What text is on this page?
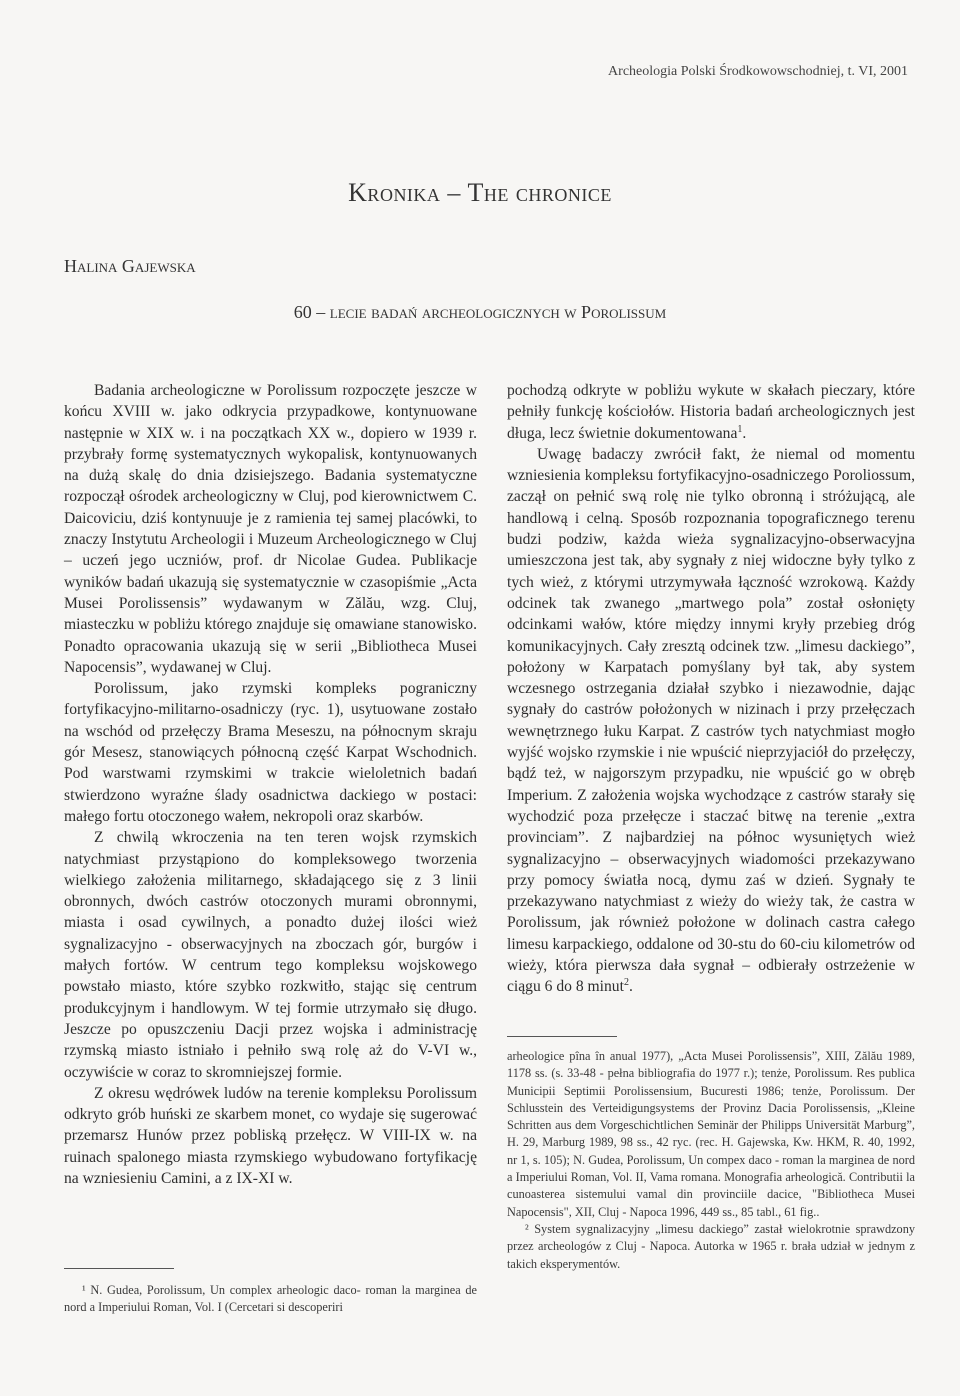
Archeologia Polski Środkowowschodniej, t. VI, 2001
Kronika – The chronice
Halina Gajewska
60 – lecie badań archeologicznych w Porolissum

Badania archeologiczne w Porolissum rozpoczęte jeszcze w końcu XVIII w. jako odkrycia przypadkowe, kontynuowane następnie w XIX w. i na początkach XX w., dopiero w 1939 r. przybrały formę systematycznych wykopalisk, kontynuowanych na dużą skalę do dnia dzisiejszego. Badania systematyczne rozpoczął ośrodek archeologiczny w Cluj, pod kierownictwem C. Daicoviciu, dziś kontynuuje je z ramienia tej samej placówki, to znaczy Instytutu Archeologii i Muzeum Archeologicznego w Cluj – uczeń jego uczniów, prof. dr Nicolae Gudea. Publikacje wyników badań ukazują się systematycznie w czasopiśmie „Acta Musei Porolissensis” wydawanym w Zălău, wzg. Cluj, miasteczku w pobliżu którego znajduje się omawiane stanowisko. Ponadto opracowania ukazują się w serii „Bibliotheca Musei Napocensis”, wydawanej w Cluj.

Porolissum, jako rzymski kompleks pograniczny fortyfikacyjno-militarno-osadniczy (ryc. 1), usytuowane zostało na wschód od przełęczy Brama Meseszu, na północnym skraju gór Mesesz, stanowiących północną część Karpat Wschodnich. Pod warstwami rzymskimi w trakcie wieloletnich badań stwierdzono wyraźne ślady osadnictwa dackiego w postaci: małego fortu otoczonego wałem, nekropoli oraz skarbów.

Z chwilą wkroczenia na ten teren wojsk rzymskich natychmiast przystąpiono do kompleksowego tworzenia wielkiego założenia militarnego, składającego się z 3 linii obronnych, dwóch castrów otoczonych murami obronnymi, miasta i osad cywilnych, a ponadto dużej ilości wież sygnalizacyjno - obserwacyjnych na zboczach gór, burgów i małych fortów. W centrum tego kompleksu wojskowego powstało miasto, które szybko rozkwitło, stając się centrum produkcyjnym i handlowym. W tej formie utrzymało się długo. Jeszcze po opuszczeniu Dacji przez wojska i administrację rzymską miasto istniało i pełniło swą rolę aż do V-VI w., oczywiście w coraz to skromniejszej formie.

Z okresu wędrówek ludów na terenie kompleksu Porolissum odkryto grób huński ze skarbem monet, co wydaje się sugerować przemarsz Hunów przez pobliską przełęcz. W VIII-IX w. na ruinach spalonego miasta rzymskiego wybudowano fortyfikację na wzniesieniu Camini, a z IX-XI w.

pochodzą odkryte w pobliżu wykute w skałach pieczary, które pełniły funkcję kościołów. Historia badań archeologicznych jest długa, lecz świetnie dokumentowana$^1$.

Uwagę badaczy zwrócił fakt, że niemal od momentu wzniesienia kompleksu fortyfikacyjno-osadniczego Poroliossum, zaczął on pełnić swą rolę nie tylko obronną i stróżującą, ale handlową i celną. Sposób rozpoznania topograficznego terenu budzi podziw, każda wieża sygnalizacyjno-obserwacyjna umieszczona jest tak, aby sygnały z niej widoczne były tylko z tych wież, z którymi utrzymywała łączność wzrokową. Każdy odcinek tak zwanego „martwego pola” został osłonięty odcinkami wałów, które między innymi kryły przebieg dróg komunikacyjnych. Cały zresztą odcinek tzw. „limesu dackiego”, położony w Karpatach pomyślany był tak, aby system wczesnego ostrzegania działał szybko i niezawodnie, dając sygnały do castrów położonych w nizinach i przy przełęczach wewnętrznego łuku Karpat. Z castrów tych natychmiast mogło wyjść wojsko rzymskie i nie wpuścić nieprzyjaciół do przełęczy, bądź też, w najgorszym przypadku, nie wpuścić go w obręb Imperium. Z założenia wojska wychodzące z castrów starały się wychodzić poza przełęcze i staczać bitwę na terenie „extra provinciam”. Z najbardziej na północ wysuniętych wież sygnalizacyjno – obserwacyjnych wiadomości przekazywano przy pomocy światła nocą, dymu zaś w dzień. Sygnały te przekazywano natychmiast z wieży do wieży tak, że castra w Porolissum, jak również położone w dolinach castra całego limesu karpackiego, oddalone od 30-stu do 60-ciu kilometrów od wieży, która pierwsza dała sygnał – odbierały ostrzeżenie w ciągu 6 do 8 minut$^2$.

arheologice pîna în anual 1977), „Acta Musei Porolissensis”, XIII, Zălău 1989, 1178 ss. (s. 33-48 - pełna bibliografia do 1977 r.); tenże, Porolissum. Res publica Municipii Septimii Porolissensium, Bucuresti 1986; tenże, Porolissum. Der Schlusstein des Verteidigungsystems der Provinz Dacia Porolissensis, „Kleine Schritten aus dem Vorgeschichtlichen Seminär der Philipps Universität Marburg”, H. 29, Marburg 1989, 98 ss., 42 ryc. (rec. H. Gajewska, Kw. HKM, R. 40, 1992, nr 1, s. 105); N. Gudea, Porolissum, Un compex daco - roman la marginea de nord a Imperiului Roman, Vol. II, Vama romana. Monografia arheologică. Contributii la cunoasterea sistemului vamal din provinciile dacice, "Bibliotheca Musei Napocensis", XII, Cluj - Napoca 1996, 449 ss., 85 tabl., 61 fig..

² System sygnalizacyjny „limesu dackiego” zastał wielokrotnie sprawdzony przez archeologów z Cluj - Napoca. Autorka w 1965 r. brała udział w jednym z takich eksperymentów.

¹ N. Gudea, Porolissum, Un complex arheologic daco- roman la marginea de nord a Imperiului Roman, Vol. I (Cercetari si descoperiri
